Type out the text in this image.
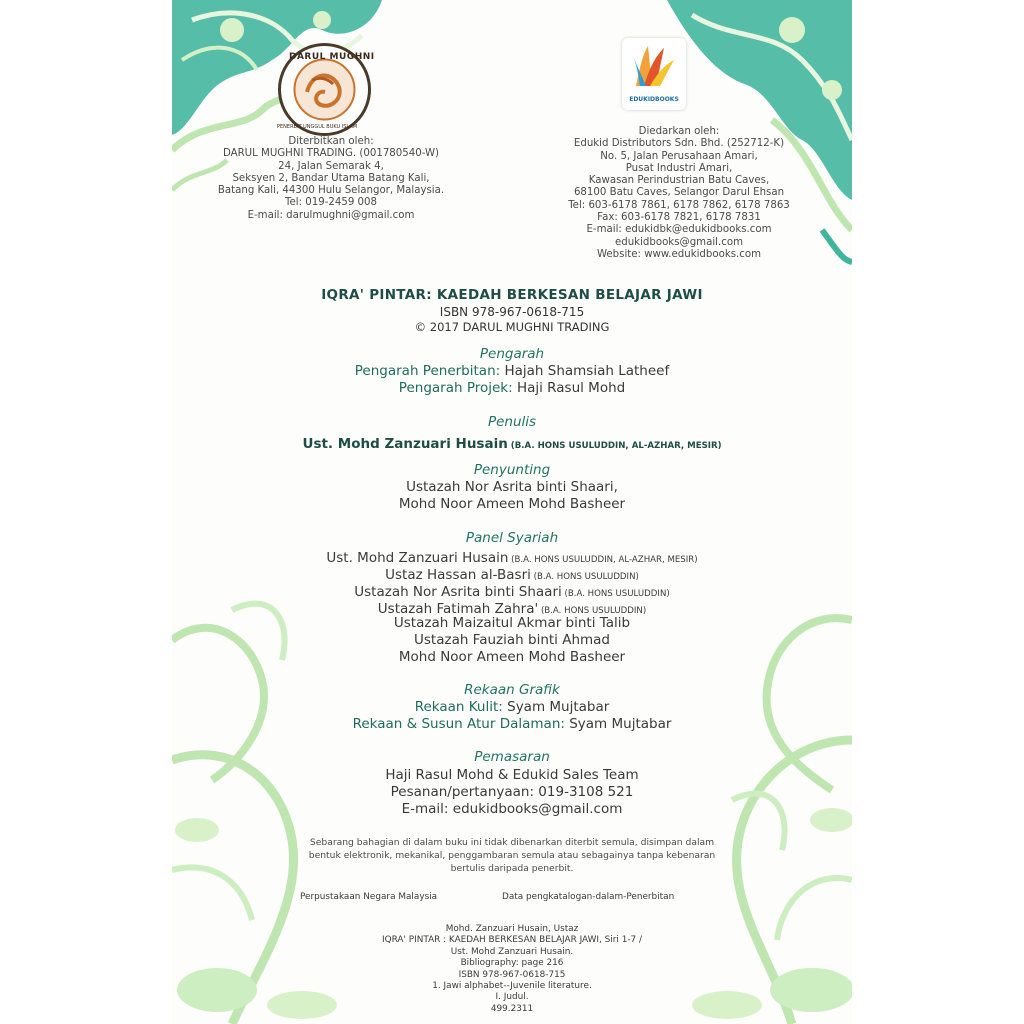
DARUL MUGHNI
PENERBIT UNGGUL BUKU ISLAM
EDUKIDBOOKS
Diterbitkan oleh:
DARUL MUGHNI TRADING. (001780540-W)
24, Jalan Semarak 4,
Seksyen 2, Bandar Utama Batang Kali,
Batang Kali, 44300 Hulu Selangor, Malaysia.
Tel: 019-2459 008
E-mail: darulmughni@gmail.com
Diedarkan oleh:
Edukid Distributors Sdn. Bhd. (252712-K)
No. 5, Jalan Perusahaan Amari,
Pusat Industri Amari,
Kawasan Perindustrian Batu Caves,
68100 Batu Caves, Selangor Darul Ehsan
Tel: 603-6178 7861, 6178 7862, 6178 7863
Fax: 603-6178 7821, 6178 7831
E-mail: edukidbk@edukidbooks.com
edukidbooks@gmail.com
Website: www.edukidbooks.com
IQRA' PINTAR: KAEDAH BERKESAN BELAJAR JAWI
ISBN 978-967-0618-715
© 2017 DARUL MUGHNI TRADING
Pengarah
Pengarah Penerbitan: Hajah Shamsiah Latheef
Pengarah Projek: Haji Rasul Mohd
Penulis
Ust. Mohd Zanzuari Husain (B.A. HONS USULUDDIN, AL-AZHAR, MESIR)
Penyunting
Ustazah Nor Asrita binti Shaari,
Mohd Noor Ameen Mohd Basheer
Panel Syariah
Ust. Mohd Zanzuari Husain (B.A. HONS USULUDDIN, AL-AZHAR, MESIR)
Ustaz Hassan al-Basri (B.A. HONS USULUDDIN)
Ustazah Nor Asrita binti Shaari (B.A. HONS USULUDDIN)
Ustazah Fatimah Zahra' (B.A. HONS USULUDDIN)
Ustazah Maizaitul Akmar binti Talib
Ustazah Fauziah binti Ahmad
Mohd Noor Ameen Mohd Basheer
Rekaan Grafik
Rekaan Kulit: Syam Mujtabar
Rekaan & Susun Atur Dalaman: Syam Mujtabar
Pemasaran
Haji Rasul Mohd & Edukid Sales Team
Pesanan/pertanyaan: 019-3108 521
E-mail: edukidbooks@gmail.com
Sebarang bahagian di dalam buku ini tidak dibenarkan diterbit semula, disimpan dalam
bentuk elektronik, mekanikal, penggambaran semula atau sebagainya tanpa kebenaran
bertulis daripada penerbit.
Perpustakaan Negara Malaysia	Data pengkatalogan-dalam-Penerbitan
Mohd. Zanzuari Husain, Ustaz
IQRA' PINTAR : KAEDAH BERKESAN BELAJAR JAWI, Siri 1-7 /
Ust. Mohd Zanzuari Husain.
Bibliography: page 216
ISBN 978-967-0618-715
1. Jawi alphabet--Juvenile literature.
I. Judul.
499.2311
